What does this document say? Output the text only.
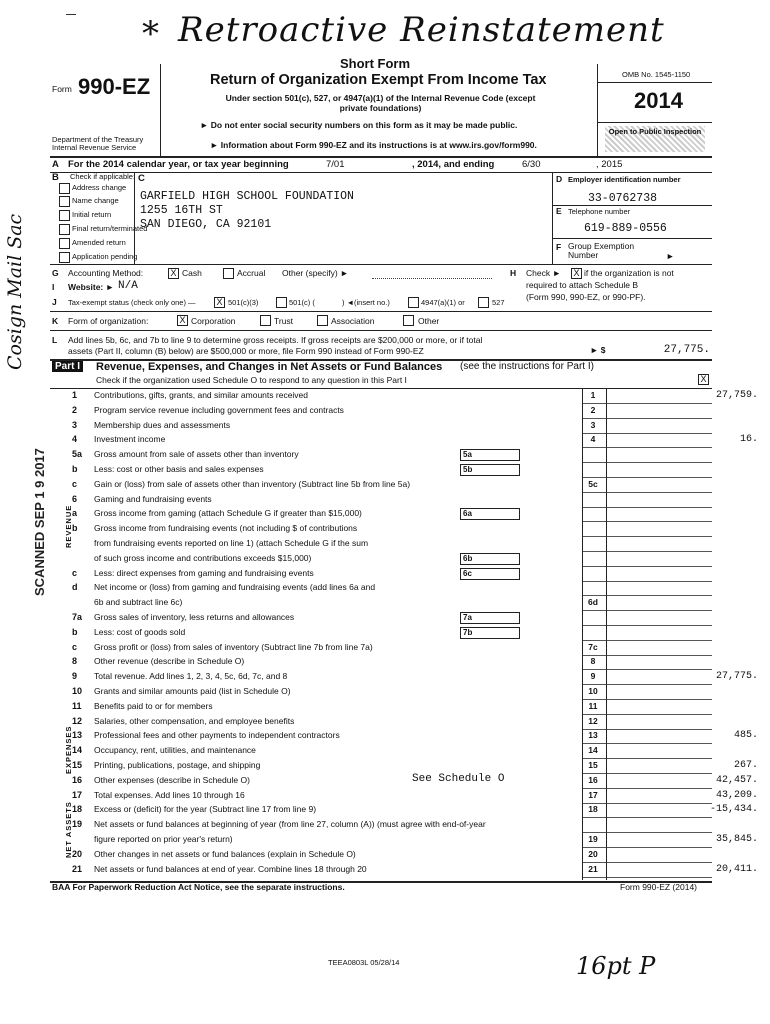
* Retroactive Reinstatement
Form 990-EZ
Short Form
Return of Organization Exempt From Income Tax
Under section 501(c), 527, or 4947(a)(1) of the Internal Revenue Code (except private foundations)
► Do not enter social security numbers on this form as it may be made public.
► Information about Form 990-EZ and its instructions is at www.irs.gov/form990.
OMB No. 1545-1150
2014
Open to Public Inspection
Department of the Treasury Internal Revenue Service
A For the 2014 calendar year, or tax year beginning	7/01	, 2014, and ending	6/30	, 2015
B Check if applicable:
Address change
Name change
Initial return
Final return/terminated
Amended return
Application pending
C
GARFIELD HIGH SCHOOL FOUNDATION
1255 16TH ST
SAN DIEGO, CA 92101
D Employer identification number
33-0762738
E Telephone number
619-889-0556
F Group Exemption Number	►
G Accounting Method:	X Cash	Accrual Other (specify) ►	H Check ► X if the organization is not
required to attach Schedule B
(Form 990, 990-EZ, or 990-PF).
I Website: ► N/A
J Tax-exempt status (check only one) — X 501(c)(3)	501(c) (	) ◄(insert no.)	4947(a)(1) or	527
K Form of organization:	X Corporation	Trust	Association	Other
L Add lines 5b, 6c, and 7b to line 9 to determine gross receipts. If gross receipts are $200,000 or more, or if total
assets (Part II, column (B) below) are $500,000 or more, file Form 990 instead of Form 990-EZ	► $	27,775.
Part I Revenue, Expenses, and Changes in Net Assets or Fund Balances (see the instructions for Part I)
Check if the organization used Schedule O to respond to any question in this Part I	X
1 Contributions, gifts, grants, and similar amounts received	1	27,759.
2 Program service revenue including government fees and contracts	2
3 Membership dues and assessments	3
4 Investment income	4	16.
5a Gross amount from sale of assets other than inventory	5a
b Less: cost or other basis and sales expenses	5b
c Gain or (loss) from sale of assets other than inventory (Subtract line 5b from line 5a)	5c
6 Gaming and fundraising events
a Gross income from gaming (attach Schedule G if greater than $15,000)	6a
b Gross income from fundraising events (not including $ of contributions
from fundraising events reported on line 1) (attach Schedule G if the sum
of such gross income and contributions exceeds $15,000)	6b
c Less: direct expenses from gaming and fundraising events	6c
d Net income or (loss) from gaming and fundraising events (add lines 6a and
6b and subtract line 6c)	6d
7a Gross sales of inventory, less returns and allowances	7a
b Less: cost of goods sold	7b
c Gross profit or (loss) from sales of inventory (Subtract line 7b from line 7a)	7c
8 Other revenue (describe in Schedule O)	8
9 Total revenue. Add lines 1, 2, 3, 4, 5c, 6d, 7c, and 8	9	27,775.
10 Grants and similar amounts paid (list in Schedule O)	10
11 Benefits paid to or for members	11
12 Salaries, other compensation, and employee benefits	12
13 Professional fees and other payments to independent contractors	13	485.
14 Occupancy, rent, utilities, and maintenance	14
15 Printing, publications, postage, and shipping	15	267.
16 Other expenses (describe in Schedule O)	16	42,457.
17 Total expenses. Add lines 10 through 16	17	43,209.
18 Excess or (deficit) for the year (Subtract line 17 from line 9)	18	-15,434.
19 Net assets or fund balances at beginning of year (from line 27, column (A)) (must agree with end-of-year
figure reported on prior year's return)	19	35,845.
20 Other changes in net assets or fund balances (explain in Schedule O)	20
21 Net assets or fund balances at end of year. Combine lines 18 through 20	21	20,411.
See Schedule O
REVENUE
EXPENSES
NET ASSETS
SCANNED SEP 1 9 2017
Cosign Mail Sac
BAA For Paperwork Reduction Act Notice, see the separate instructions.	Form 990-EZ (2014)
TEEA0803L 05/28/14	16pt P
